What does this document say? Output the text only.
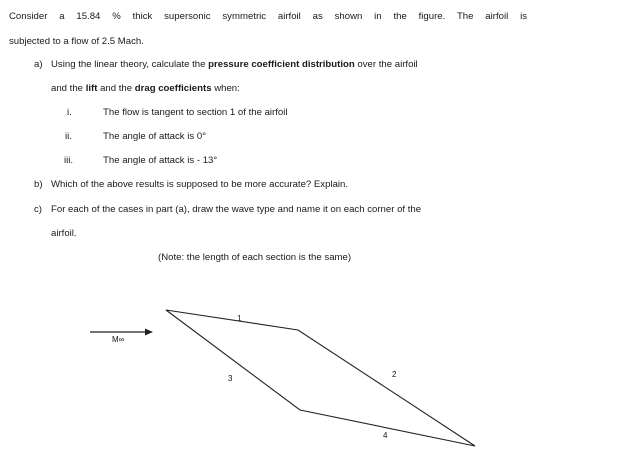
Consider a 15.84 % thick supersonic symmetric airfoil as shown in the figure. The airfoil is
subjected to a flow of 2.5 Mach.
a) Using the linear theory, calculate the pressure coefficient distribution over the airfoil
and the lift and the drag coefficients when:
i.	The flow is tangent to section 1 of the airfoil
ii.	The angle of attack is 0°
iii.	The angle of attack is - 13°
b) Which of the above results is supposed to be more accurate? Explain.
c) For each of the cases in part (a), draw the wave type and name it on each corner of the
airfoil.
(Note: the length of each section is the same)
M∞
1
2
3
4
